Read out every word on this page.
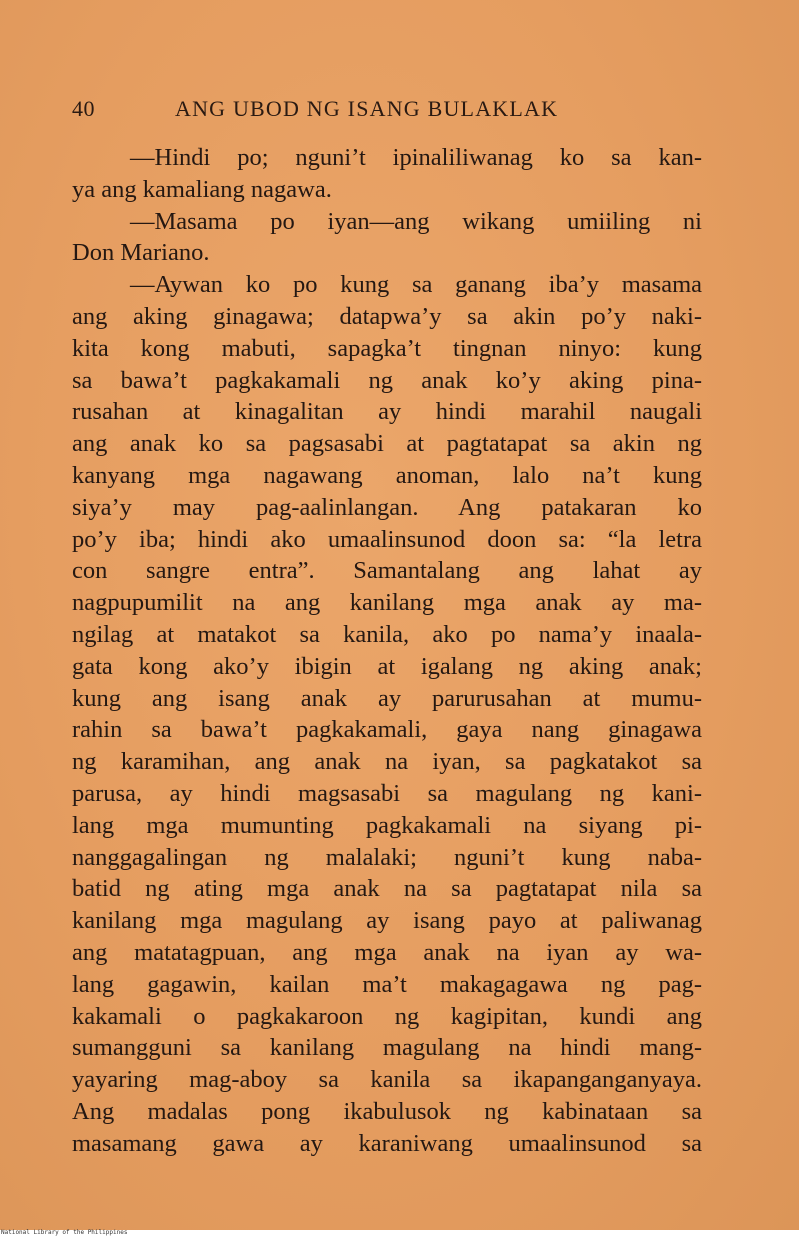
40	ANG UBOD NG ISANG BULAKLAK
—Hindi po; nguni’t ipinaliliwanag ko sa kan-
ya ang kamaliang nagawa.
—Masama po iyan—ang wikang umiiling ni
Don Mariano.
—Aywan ko po kung sa ganang iba’y masama
ang aking ginagawa; datapwa’y sa akin po’y naki-
kita kong mabuti, sapagka’t tingnan ninyo: kung
sa bawa’t pagkakamali ng anak ko’y aking pina-
rusahan at kinagalitan ay hindi marahil naugali
ang anak ko sa pagsasabi at pagtatapat sa akin ng
kanyang mga nagawang anoman, lalo na’t kung
siya’y may pag-aalinlangan. Ang patakaran ko
po’y iba; hindi ako umaalinsunod doon sa: “la letra
con sangre entra”. Samantalang ang lahat ay
nagpupumilit na ang kanilang mga anak ay ma-
ngilag at matakot sa kanila, ako po nama’y inaala-
gata kong ako’y ibigin at igalang ng aking anak;
kung ang isang anak ay parurusahan at mumu-
rahin sa bawa’t pagkakamali, gaya nang ginagawa
ng karamihan, ang anak na iyan, sa pagkatakot sa
parusa, ay hindi magsasabi sa magulang ng kani-
lang mga mumunting pagkakamali na siyang pi-
nanggagalingan ng malalaki; nguni’t kung naba-
batid ng ating mga anak na sa pagtatapat nila sa
kanilang mga magulang ay isang payo at paliwanag
ang matatagpuan, ang mga anak na iyan ay wa-
lang gagawin, kailan ma’t makagagawa ng pag-
kakamali o pagkakaroon ng kagipitan, kundi ang
sumangguni sa kanilang magulang na hindi mang-
yayaring mag-aboy sa kanila sa ikapanganganyaya.
Ang madalas pong ikabulusok ng kabinataan sa
masamang gawa ay karaniwang umaalinsunod sa
National Library of the Philippines
